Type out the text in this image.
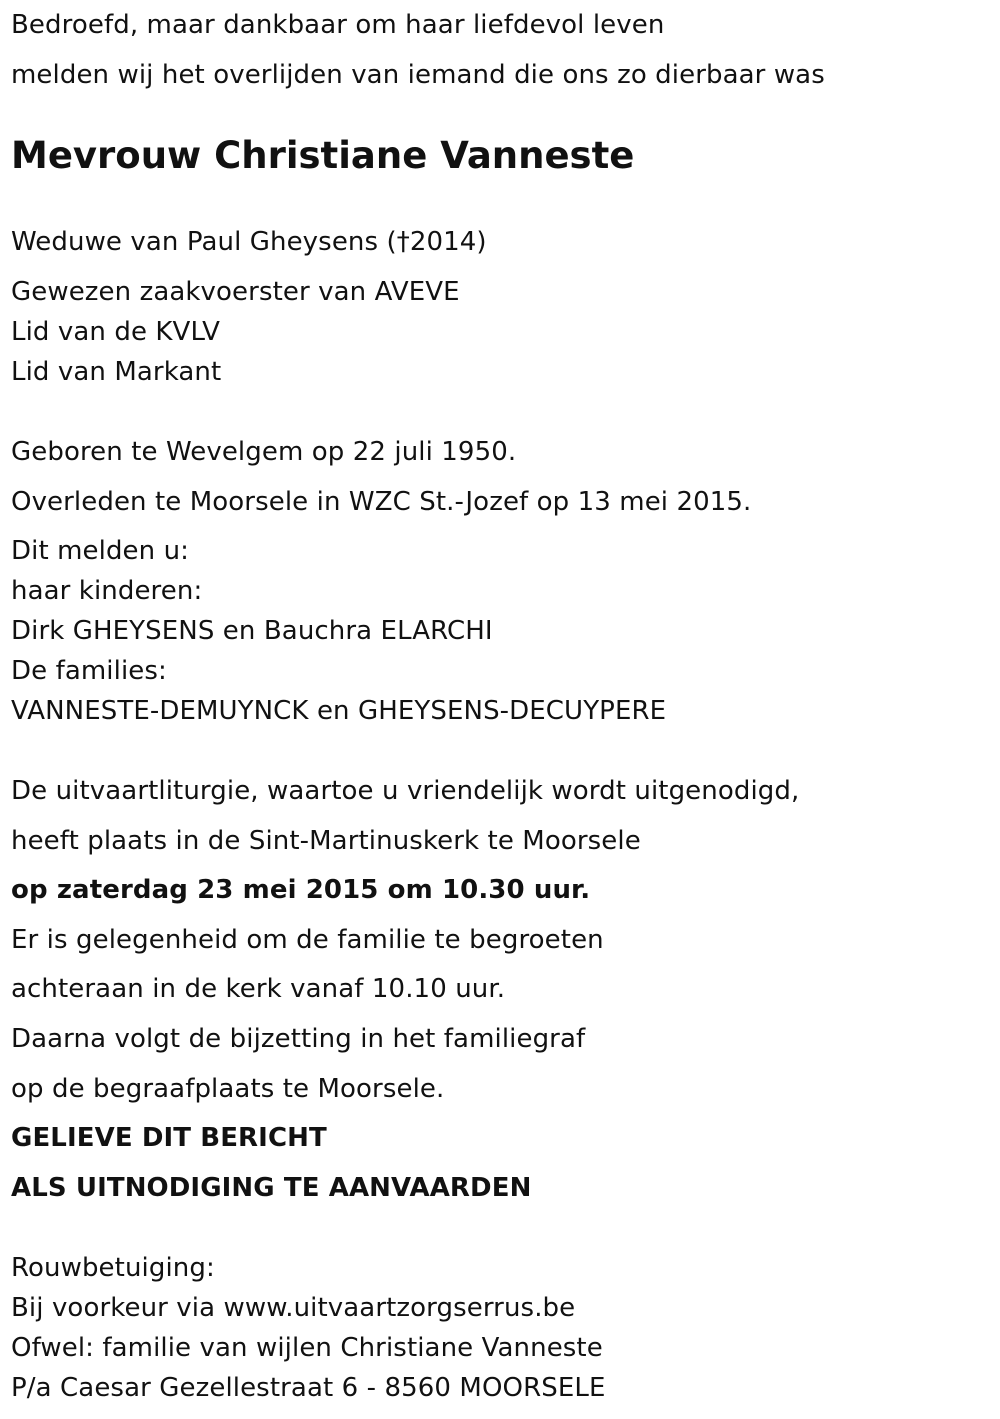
Bedroefd, maar dankbaar om haar liefdevol leven
melden wij het overlijden van iemand die ons zo dierbaar was
Mevrouw Christiane Vanneste
Weduwe van Paul Gheysens (†2014)
Gewezen zaakvoerster van AVEVE
Lid van de KVLV
Lid van Markant
Geboren te Wevelgem op 22 juli 1950.
Overleden te Moorsele in WZC St.-Jozef op 13 mei 2015.
Dit melden u:
haar kinderen:
Dirk GHEYSENS en Bauchra ELARCHI
De families:
VANNESTE-DEMUYNCK en GHEYSENS-DECUYPERE
De uitvaartliturgie, waartoe u vriendelijk wordt uitgenodigd,
heeft plaats in de Sint-Martinuskerk te Moorsele
op zaterdag 23 mei 2015 om 10.30 uur.
Er is gelegenheid om de familie te begroeten
achteraan in de kerk vanaf 10.10 uur.
Daarna volgt de bijzetting in het familiegraf
op de begraafplaats te Moorsele.
GELIEVE DIT BERICHT
ALS UITNODIGING TE AANVAARDEN
Rouwbetuiging:
Bij voorkeur via www.uitvaartzorgserrus.be
Ofwel: familie van wijlen Christiane Vanneste
P/a Caesar Gezellestraat 6 - 8560 MOORSELE
